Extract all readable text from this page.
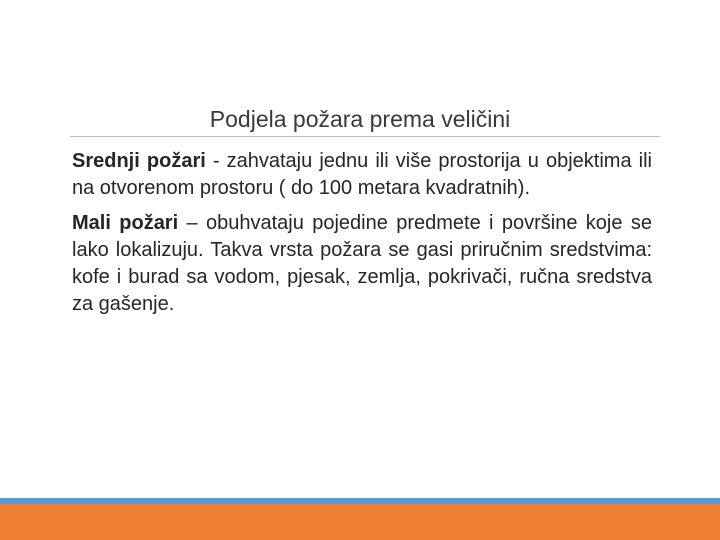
Podjela požara prema veličini

Srednji požari - zahvataju jednu ili više prostorija u objektima ili na otvorenom prostoru ( do 100 metara kvadratnih).

Mali požari – obuhvataju pojedine predmete i površine koje se lako lokalizuju. Takva vrsta požara se gasi priručnim sredstvima: kofe i burad sa vodom, pjesak, zemlja, pokrivači, ručna sredstva za gašenje.
